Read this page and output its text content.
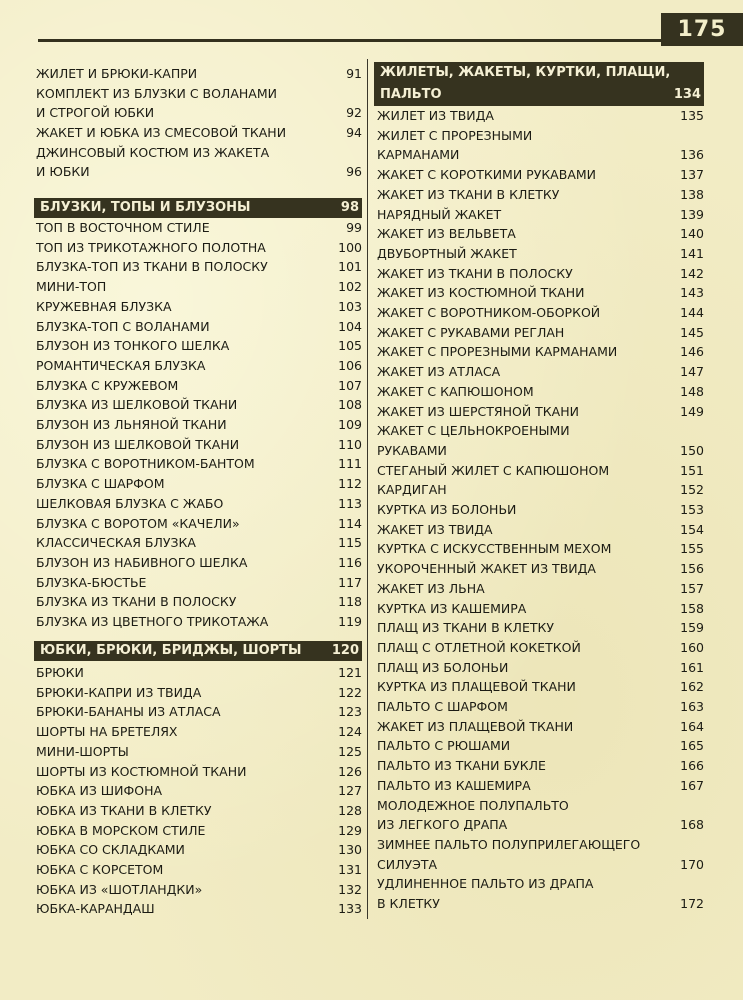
175
ЖИЛЕТ И БРЮКИ-КАПРИ	91
КОМПЛЕКТ ИЗ БЛУЗКИ С ВОЛАНАМИ
И СТРОГОЙ ЮБКИ	92
ЖАКЕТ И ЮБКА ИЗ СМЕСОВОЙ ТКАНИ	94
ДЖИНСОВЫЙ КОСТЮМ ИЗ ЖАКЕТА
И ЮБКИ	96
БЛУЗКИ, ТОПЫ И БЛУЗОНЫ	98
ТОП В ВОСТОЧНОМ СТИЛЕ	99
ТОП ИЗ ТРИКОТАЖНОГО ПОЛОТНА	100
БЛУЗКА-ТОП ИЗ ТКАНИ В ПОЛОСКУ	101
МИНИ-ТОП	102
КРУЖЕВНАЯ БЛУЗКА	103
БЛУЗКА-ТОП С ВОЛАНАМИ	104
БЛУЗОН ИЗ ТОНКОГО ШЕЛКА	105
РОМАНТИЧЕСКАЯ БЛУЗКА	106
БЛУЗКА С КРУЖЕВОМ	107
БЛУЗКА ИЗ ШЕЛКОВОЙ ТКАНИ	108
БЛУЗОН ИЗ ЛЬНЯНОЙ ТКАНИ	109
БЛУЗОН ИЗ ШЕЛКОВОЙ ТКАНИ	110
БЛУЗКА С ВОРОТНИКОМ-БАНТОМ	111
БЛУЗКА С ШАРФОМ	112
ШЕЛКОВАЯ БЛУЗКА С ЖАБО	113
БЛУЗКА С ВОРОТОМ «КАЧЕЛИ»	114
КЛАССИЧЕСКАЯ БЛУЗКА	115
БЛУЗОН ИЗ НАБИВНОГО ШЕЛКА	116
БЛУЗКА-БЮСТЬЕ	117
БЛУЗКА ИЗ ТКАНИ В ПОЛОСКУ	118
БЛУЗКА ИЗ ЦВЕТНОГО ТРИКОТАЖА	119
ЮБКИ, БРЮКИ, БРИДЖЫ, ШОРТЫ 120
БРЮКИ	121
БРЮКИ-КАПРИ ИЗ ТВИДА	122
БРЮКИ-БАНАНЫ ИЗ АТЛАСА	123
ШОРТЫ НА БРЕТЕЛЯХ	124
МИНИ-ШОРТЫ	125
ШОРТЫ ИЗ КОСТЮМНОЙ ТКАНИ	126
ЮБКА ИЗ ШИФОНА	127
ЮБКА ИЗ ТКАНИ В КЛЕТКУ	128
ЮБКА В МОРСКОМ СТИЛЕ	129
ЮБКА СО СКЛАДКАМИ	130
ЮБКА С КОРСЕТОМ	131
ЮБКА ИЗ «ШОТЛАНДКИ»	132
ЮБКА-КАРАНДАШ	133
ЖИЛЕТЫ, ЖАКЕТЫ, КУРТКИ, ПЛАЩИ,
ПАЛЬТО	134
ЖИЛЕТ ИЗ ТВИДА	135
ЖИЛЕТ С ПРОРЕЗНЫМИ
КАРМАНАМИ	136
ЖАКЕТ С КОРОТКИМИ РУКАВАМИ	137
ЖАКЕТ ИЗ ТКАНИ В КЛЕТКУ	138
НАРЯДНЫЙ ЖАКЕТ	139
ЖАКЕТ ИЗ ВЕЛЬВЕТА	140
ДВУБОРТНЫЙ ЖАКЕТ	141
ЖАКЕТ ИЗ ТКАНИ В ПОЛОСКУ	142
ЖАКЕТ ИЗ КОСТЮМНОЙ ТКАНИ	143
ЖАКЕТ С ВОРОТНИКОМ-ОБОРКОЙ	144
ЖАКЕТ С РУКАВАМИ РЕГЛАН	145
ЖАКЕТ С ПРОРЕЗНЫМИ КАРМАНАМИ	146
ЖАКЕТ ИЗ АТЛАСА	147
ЖАКЕТ С КАПЮШОНОМ	148
ЖАКЕТ ИЗ ШЕРСТЯНОЙ ТКАНИ	149
ЖАКЕТ С ЦЕЛЬНОКРОЕНЫМИ
РУКАВАМИ	150
СТЕГАНЫЙ ЖИЛЕТ С КАПЮШОНОМ	151
КАРДИГАН	152
КУРТКА ИЗ БОЛОНЬИ	153
ЖАКЕТ ИЗ ТВИДА	154
КУРТКА С ИСКУССТВЕННЫМ МЕХОМ	155
УКОРОЧЕННЫЙ ЖАКЕТ ИЗ ТВИДА	156
ЖАКЕТ ИЗ ЛЬНА	157
КУРТКА ИЗ КАШЕМИРА	158
ПЛАЩ ИЗ ТКАНИ В КЛЕТКУ	159
ПЛАЩ С ОТЛЕТНОЙ КОКЕТКОЙ	160
ПЛАЩ ИЗ БОЛОНЬИ	161
КУРТКА ИЗ ПЛАЩЕВОЙ ТКАНИ	162
ПАЛЬТО С ШАРФОМ	163
ЖАКЕТ ИЗ ПЛАЩЕВОЙ ТКАНИ	164
ПАЛЬТО С РЮШАМИ	165
ПАЛЬТО ИЗ ТКАНИ БУКЛЕ	166
ПАЛЬТО ИЗ КАШЕМИРА	167
МОЛОДЕЖНОЕ ПОЛУПАЛЬТО
ИЗ ЛЕГКОГО ДРАПА	168
ЗИМНЕЕ ПАЛЬТО ПОЛУПРИЛЕГАЮЩЕГО
СИЛУЭТА	170
УДЛИНЕННОЕ ПАЛЬТО ИЗ ДРАПА
В КЛЕТКУ	172
